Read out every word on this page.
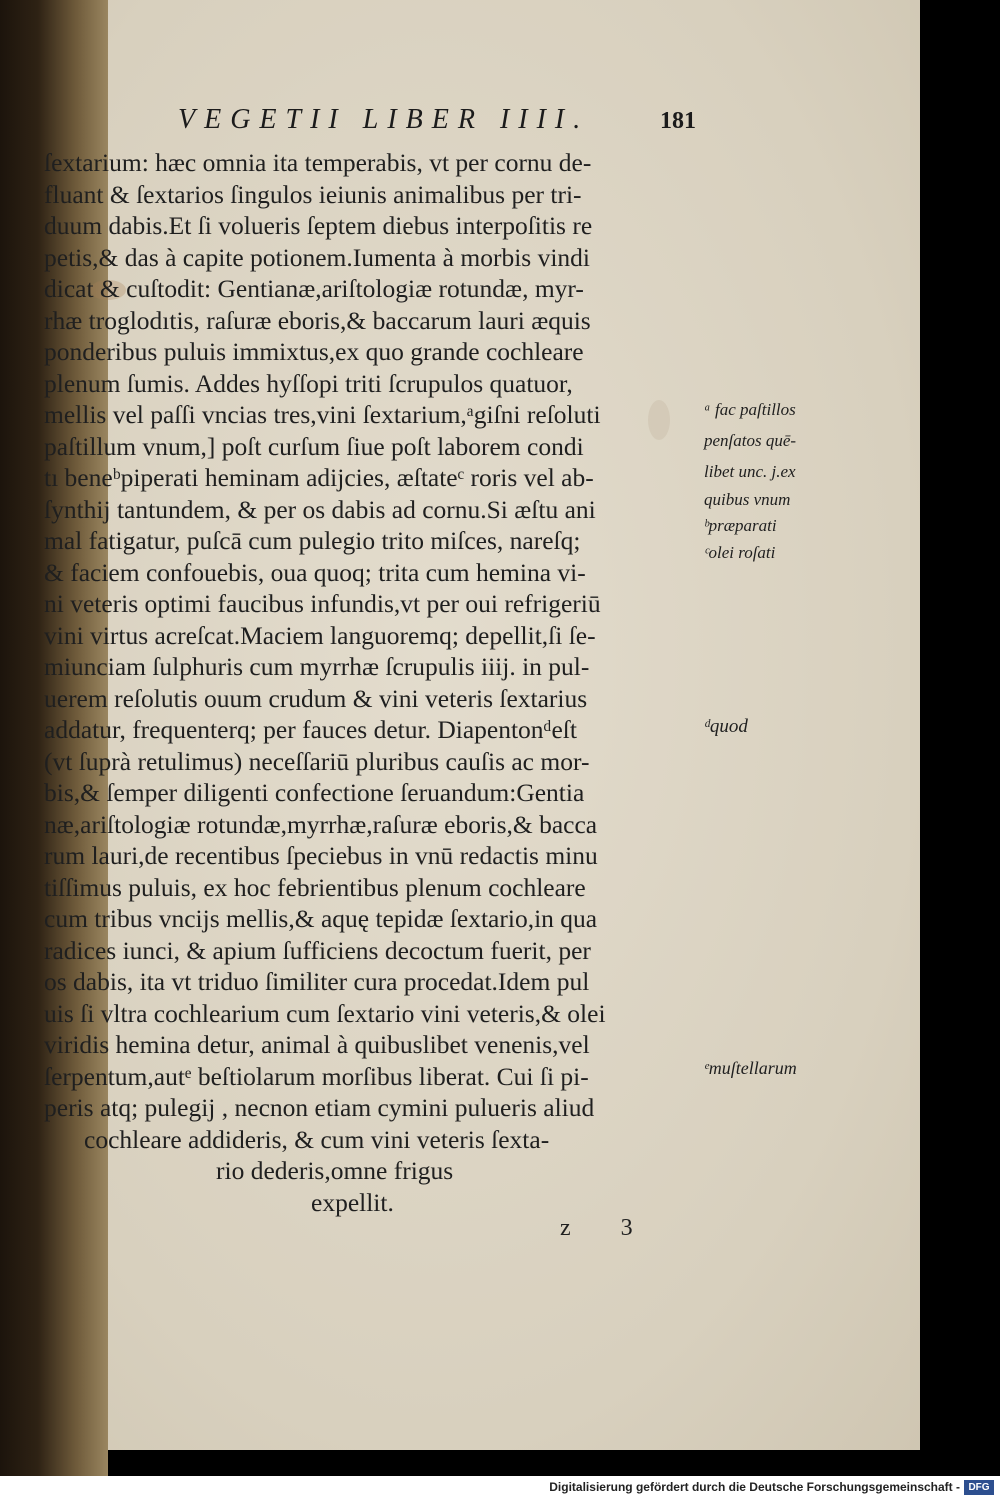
VEGETII LIBER IIII.	181
ſextarium: hæc omnia ita temperabis, vt per cornu de-
fluant & ſextarios ſingulos ieiunis animalibus per tri-
duum dabis.Et ſi volueris ſeptem diebus interpoſitis re
petis,& das à capite potionem.Iumenta à morbis vindi
dicat & cuſtodit: Gentianæ,ariſtologiæ rotundæ, myr-
rhæ troglodıtis, raſuræ eboris,& baccarum lauri æquis
ponderibus puluis immixtus,ex quo grande cochleare
plenum ſumis. Addes hyſſopi triti ſcrupulos quatuor,
mellis vel paſſi vncias tres,vini ſextarium,ᵃgiſni reſoluti
paſtillum vnum,] poſt curſum ſiue poſt laborem condi
tı beneᵇpiperati heminam adijcies, æſtateᶜ roris vel ab-
ſynthij tantundem, & per os dabis ad cornu.Si æſtu ani
mal fatigatur, puſcā cum pulegio trito miſces, nareſq;
& faciem confouebis, oua quoq; trita cum hemina vi-
ni veteris optimi faucibus infundis,vt per oui refrigeriū
vini virtus acreſcat.Maciem languoremq; depellit,ſi ſe-
miunciam ſulphuris cum myrrhæ ſcrupulis iiij. in pul-
uerem reſolutis ouum crudum & vini veteris ſextarius
addatur, frequenterq; per fauces detur. Diapentonᵈeſt
(vt ſuprà retulimus) neceſſariū pluribus cauſis ac mor-
bis,& ſemper diligenti confectione ſeruandum:Gentia
næ,ariſtologiæ rotundæ,myrrhæ,raſuræ eboris,& bacca
rum lauri,de recentibus ſpeciebus in vnū redactis minu
tiſſimus puluis, ex hoc febrientibus plenum cochleare
cum tribus vncijs mellis,& aquę tepidæ ſextario,in qua
radices iunci, & apium ſufficiens decoctum fuerit, per
os dabis, ita vt triduo ſimiliter cura procedat.Idem pul
uis ſi vltra cochlearium cum ſextario vini veteris,& olei
viridis hemina detur, animal à quibuslibet venenis,vel
ſerpentum,autᵉ beſtiolarum morſibus liberat. Cui ſi pi-
peris atq; pulegij , necnon etiam cymini pulueris aliud
cochleare addideris, & cum vini veteris ſexta-
rio dederis,omne frigus
expellit.
z 3
ᵃ fac paſtillos
penſatos quē-
libet unc. j.ex
quibus vnum
ᵇpræparati
ᶜolei roſati
ᵈquod
ᵉmuſtellarum
Digitalisierung gefördert durch die Deutsche Forschungsgemeinschaft - DFG
